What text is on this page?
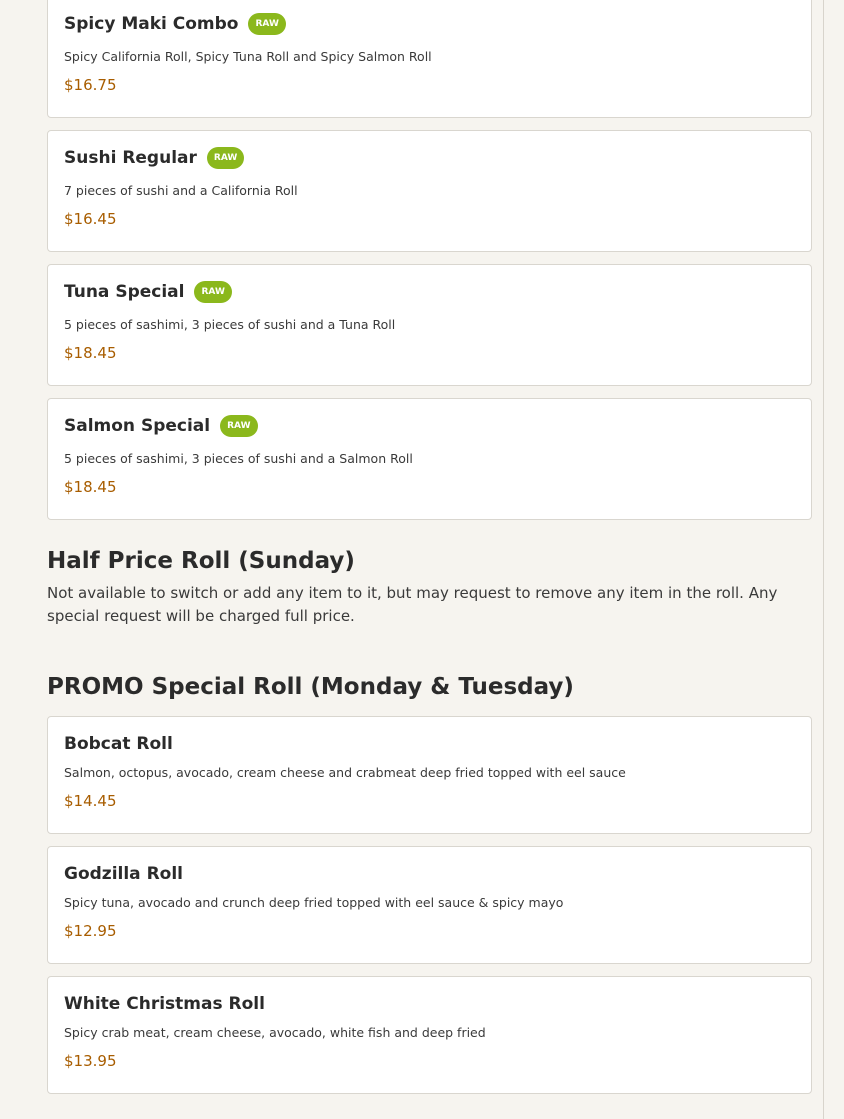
Spicy Maki Combo	RAW
Spicy California Roll, Spicy Tuna Roll and Spicy Salmon Roll
$16.75
Sushi Regular	RAW
7 pieces of sushi and a California Roll
$16.45
Tuna Special	RAW
5 pieces of sashimi, 3 pieces of sushi and a Tuna Roll
$18.45
Salmon Special	RAW
5 pieces of sashimi, 3 pieces of sushi and a Salmon Roll
$18.45
Half Price Roll (Sunday)

Not available to switch or add any item to it, but may request to remove any item in the roll. Any special request will be charged full price.

PROMO Special Roll (Monday & Tuesday)
Bobcat Roll
Salmon, octopus, avocado, cream cheese and crabmeat deep fried topped with eel sauce
$14.45
Godzilla Roll
Spicy tuna, avocado and crunch deep fried topped with eel sauce & spicy mayo
$12.95
White Christmas Roll
Spicy crab meat, cream cheese, avocado, white fish and deep fried
$13.95
